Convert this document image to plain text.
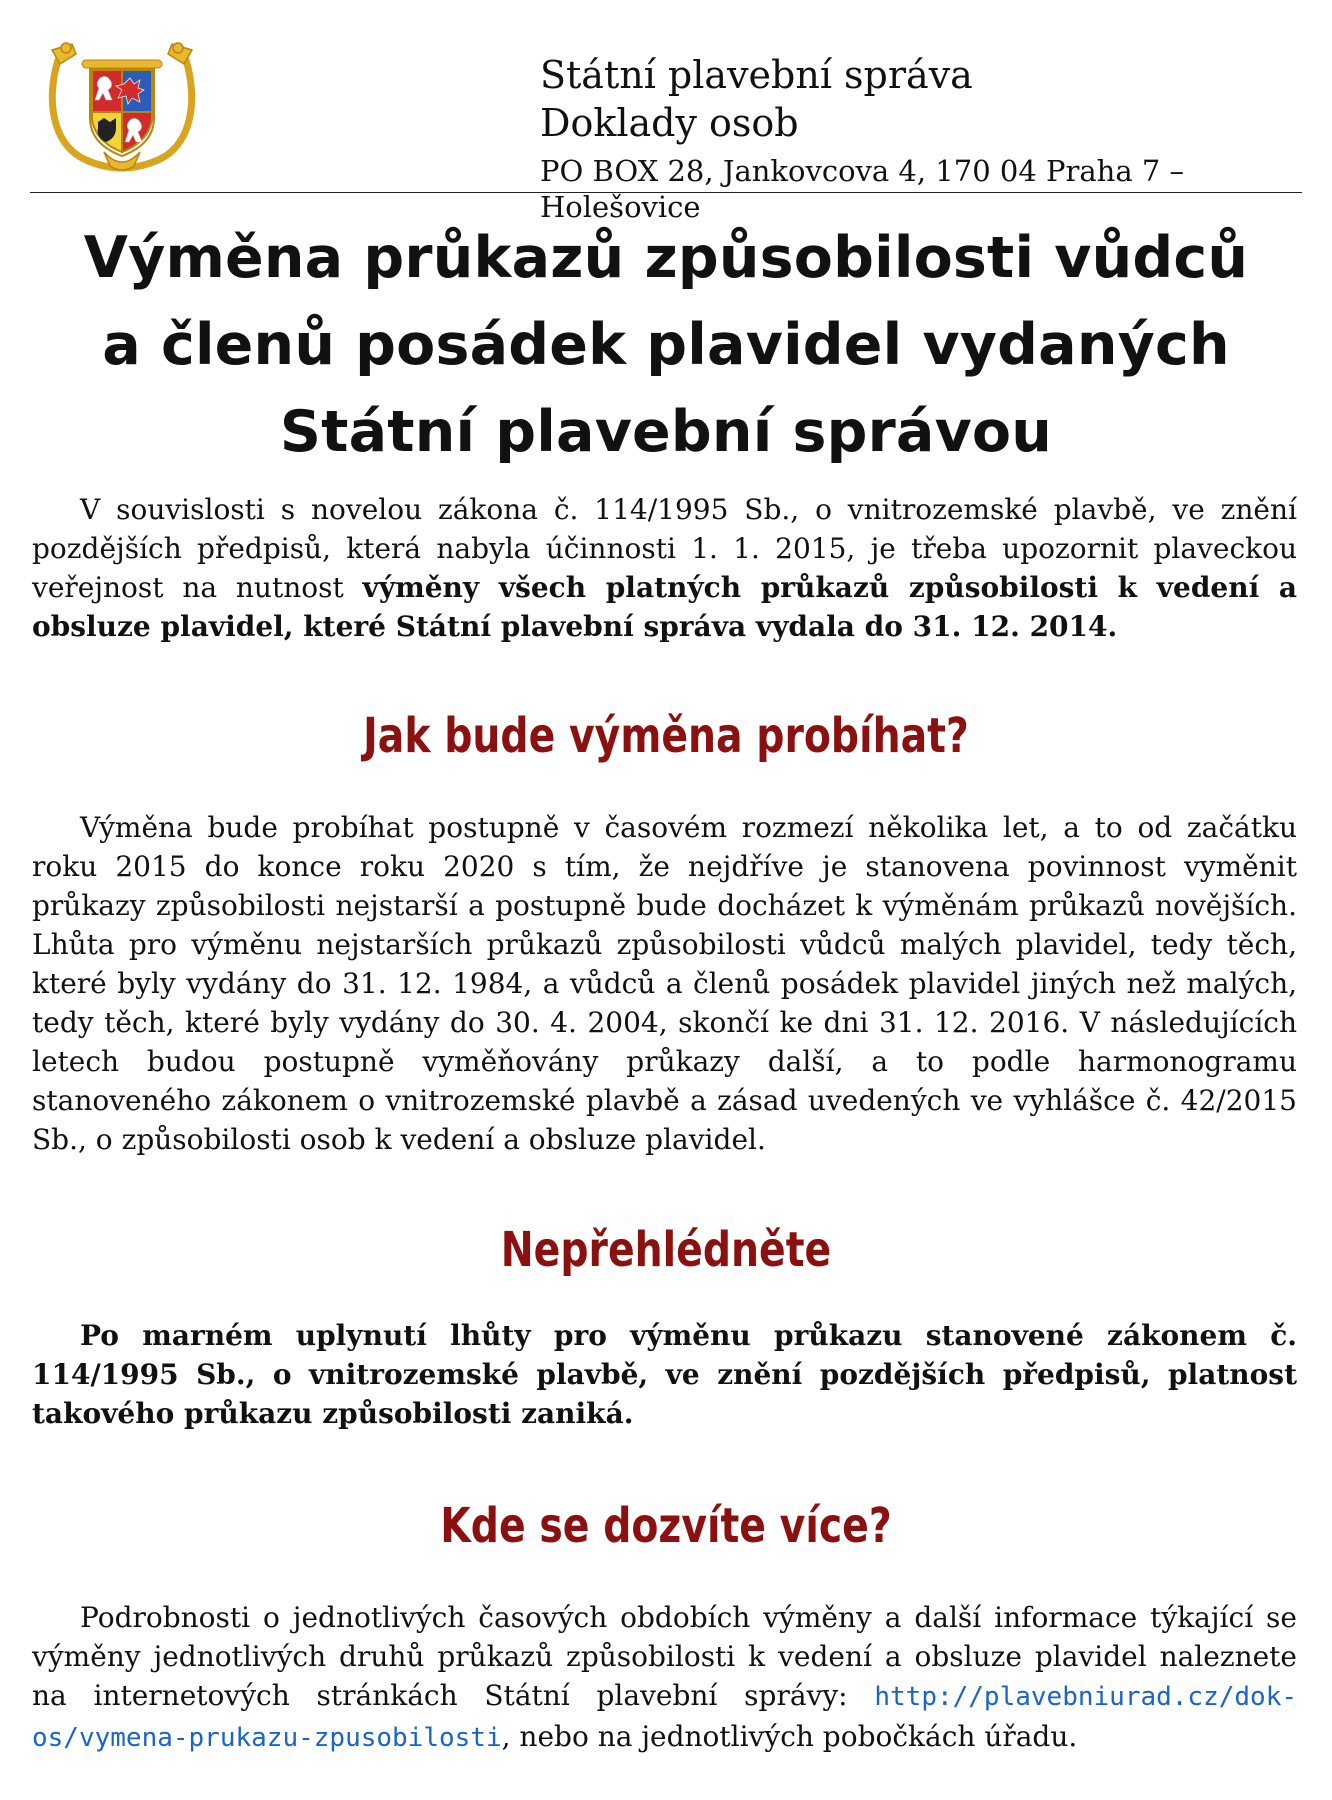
Státní plavební správa
Doklady osob
PO BOX 28, Jankovcova 4, 170 04 Praha 7 – Holešovice
Výměna průkazů způsobilosti vůdců
a členů posádek plavidel vydaných
Státní plavební správou

V souvislosti s novelou zákona č. 114/1995 Sb., o vnitrozemské plavbě, ve znění pozdějších předpisů, která nabyla účinnosti 1. 1. 2015, je třeba upozornit plaveckou veřejnost na nutnost výměny všech platných průkazů způsobilosti k vedení a obsluze plavidel, které Státní plavební správa vydala do 31. 12. 2014.

Jak bude výměna probíhat?

Výměna bude probíhat postupně v časovém rozmezí několika let, a to od začátku roku 2015 do konce roku 2020 s tím, že nejdříve je stanovena povinnost vyměnit průkazy způsobilosti nejstarší a postupně bude docházet k výměnám průkazů novějších. Lhůta pro výměnu nejstarších průkazů způsobilosti vůdců malých plavidel, tedy těch, které byly vydány do 31. 12. 1984, a vůdců a členů posádek plavidel jiných než malých, tedy těch, které byly vydány do 30. 4. 2004, skončí ke dni 31. 12. 2016. V následujících letech budou postupně vyměňovány průkazy další, a to podle harmonogramu stanoveného zákonem o vnitrozemské plavbě a zásad uvedených ve vyhlášce č. 42/2015 Sb., o způsobilosti osob k vedení a obsluze plavidel.

Nepřehlédněte

Po marném uplynutí lhůty pro výměnu průkazu stanovené zákonem č. 114/1995 Sb., o vnitrozemské plavbě, ve znění pozdějších předpisů, platnost takového průkazu způsobilosti zaniká.

Kde se dozvíte více?

Podrobnosti o jednotlivých časových obdobích výměny a další informace týkající se výměny jednotlivých druhů průkazů způsobilosti k vedení a obsluze plavidel naleznete na internetových stránkách Státní plavební správy: http://plavebniurad.cz/dok-os/vymena-prukazu-zpusobilosti, nebo na jednotlivých pobočkách úřadu.
